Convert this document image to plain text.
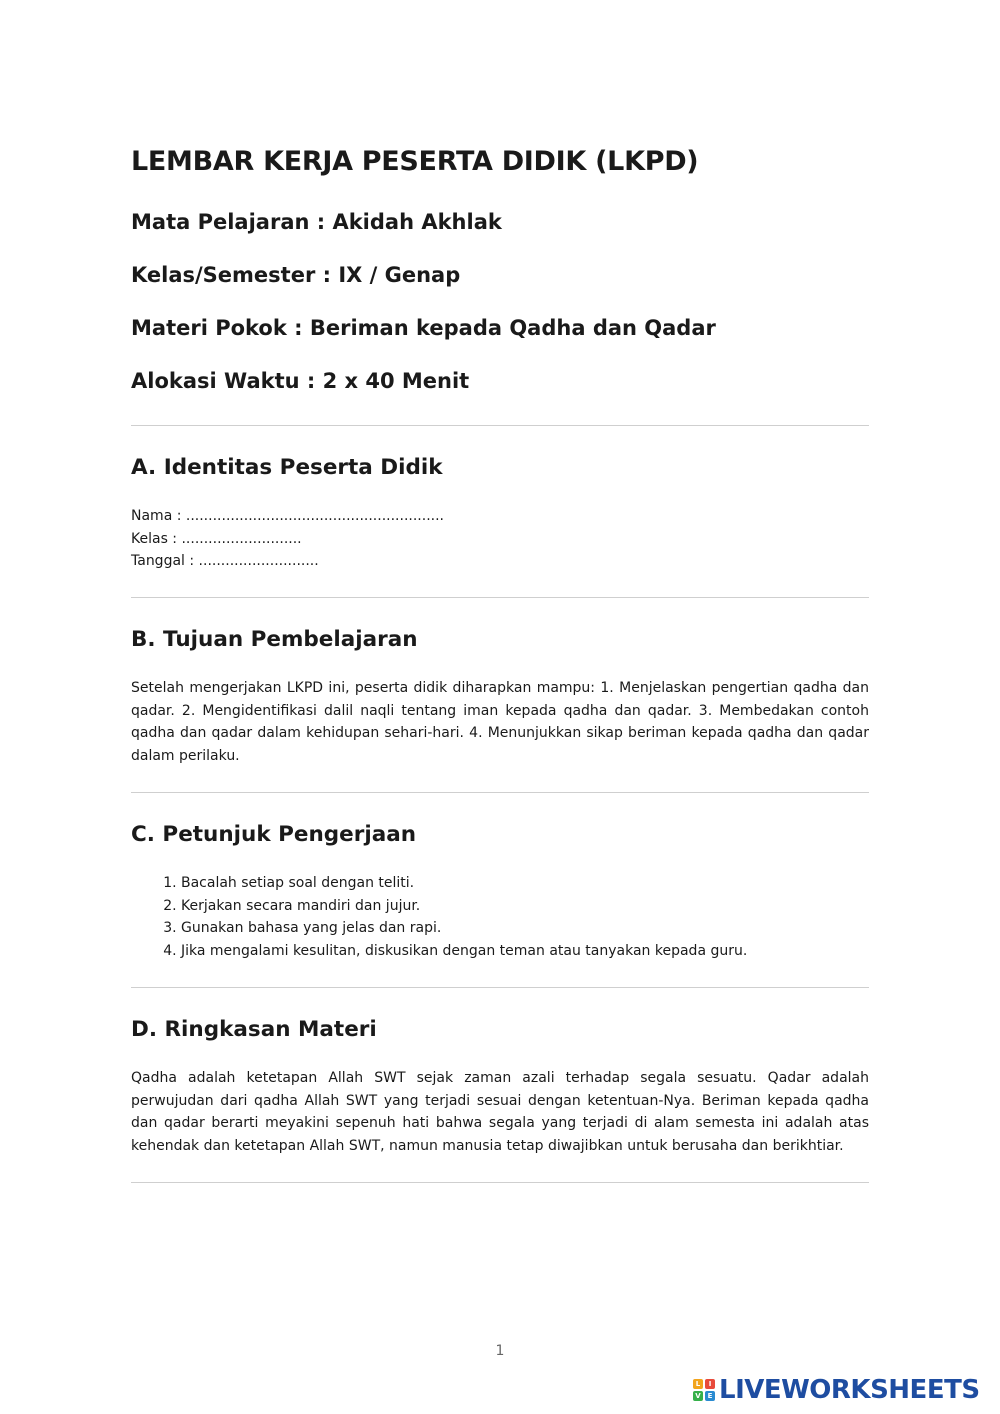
LEMBAR KERJA PESERTA DIDIK (LKPD)

Mata Pelajaran : Akidah Akhlak

Kelas/Semester : IX / Genap

Materi Pokok : Beriman kepada Qadha dan Qadar

Alokasi Waktu : 2 x 40 Menit

A. Identitas Peserta Didik
Nama : ..........................................................
Kelas : ...........................
Tanggal : ...........................
B. Tujuan Pembelajaran

Setelah mengerjakan LKPD ini, peserta didik diharapkan mampu: 1. Menjelaskan pengertian qadha dan qadar. 2. Mengidentifikasi dalil naqli tentang iman kepada qadha dan qadar. 3. Membedakan contoh qadha dan qadar dalam kehidupan sehari-hari. 4. Menunjukkan sikap beriman kepada qadha dan qadar dalam perilaku.

C. Petunjuk Pengerjaan
1. Bacalah setiap soal dengan teliti.
2. Kerjakan secara mandiri dan jujur.
3. Gunakan bahasa yang jelas dan rapi.
4. Jika mengalami kesulitan, diskusikan dengan teman atau tanyakan kepada guru.
D. Ringkasan Materi

Qadha adalah ketetapan Allah SWT sejak zaman azali terhadap segala sesuatu. Qadar adalah perwujudan dari qadha Allah SWT yang terjadi sesuai dengan ketentuan-Nya. Beriman kepada qadha dan qadar berarti meyakini sepenuh hati bahwa segala yang terjadi di alam semesta ini adalah atas kehendak dan ketetapan Allah SWT, namun manusia tetap diwajibkan untuk berusaha dan berikhtiar.

1
L	I
V E LIVEWORKSHEETS
